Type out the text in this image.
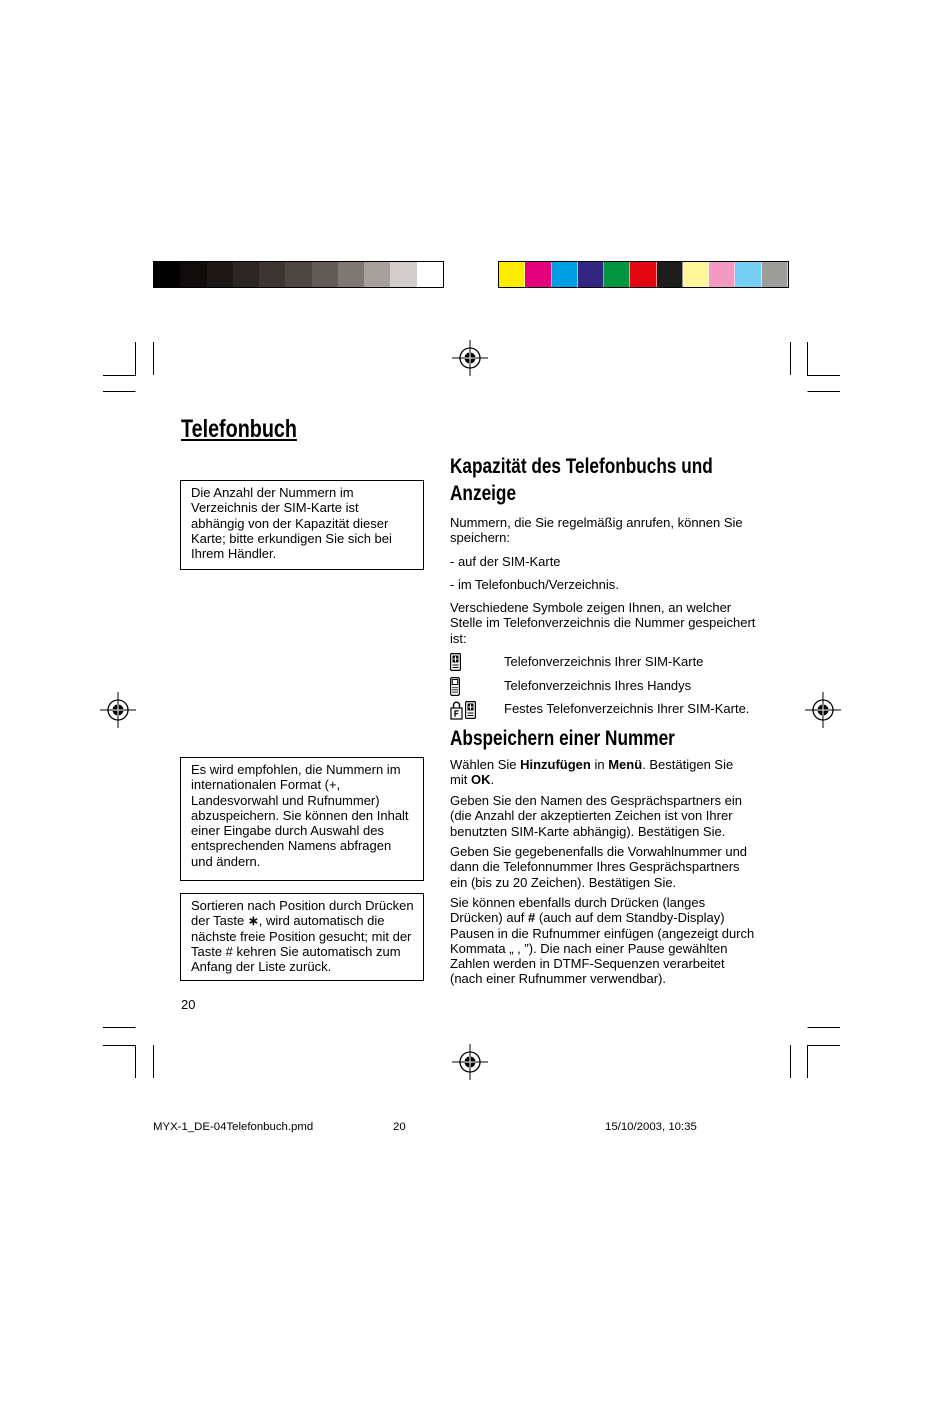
Telefonbuch
Die Anzahl der Nummern im
Verzeichnis der SIM-Karte ist
abhängig von der Kapazität dieser
Karte; bitte erkundigen Sie sich bei
Ihrem Händler.
Es wird empfohlen, die Nummern im
internationalen Format (+,
Landesvorwahl und Rufnummer)
abzuspeichern. Sie können den Inhalt
einer Eingabe durch Auswahl des
entsprechenden Namens abfragen
und ändern.
Sortieren nach Position durch Drücken
der Taste ∗, wird automatisch die
nächste freie Position gesucht; mit der
Taste # kehren Sie automatisch zum
Anfang der Liste zurück.
20
Kapazität des Telefonbuchs und
Anzeige
Nummern, die Sie regelmäßig anrufen, können Sie
speichern:
- auf der SIM-Karte
- im Telefonbuch/Verzeichnis.
Verschiedene Symbole zeigen Ihnen, an welcher
Stelle im Telefonverzeichnis die Nummer gespeichert
ist:
Telefonverzeichnis Ihrer SIM-Karte
Telefonverzeichnis Ihres Handys
Festes Telefonverzeichnis Ihrer SIM-Karte.
Abspeichern einer Nummer
Wählen Sie Hinzufügen in Menü. Bestätigen Sie
mit OK.
Geben Sie den Namen des Gesprächspartners ein
(die Anzahl der akzeptierten Zeichen ist von Ihrer
benutzten SIM-Karte abhängig). Bestätigen Sie.
Geben Sie gegebenenfalls die Vorwahlnummer und
dann die Telefonnummer Ihres Gesprächspartners
ein (bis zu 20 Zeichen). Bestätigen Sie.
Sie können ebenfalls durch Drücken (langes
Drücken) auf # (auch auf dem Standby-Display)
Pausen in die Rufnummer einfügen (angezeigt durch
Kommata „ , ”). Die nach einer Pause gewählten
Zahlen werden in DTMF-Sequenzen verarbeitet
(nach einer Rufnummer verwendbar).
MYX-1_DE-04Telefonbuch.pmd	20	15/10/2003, 10:35
